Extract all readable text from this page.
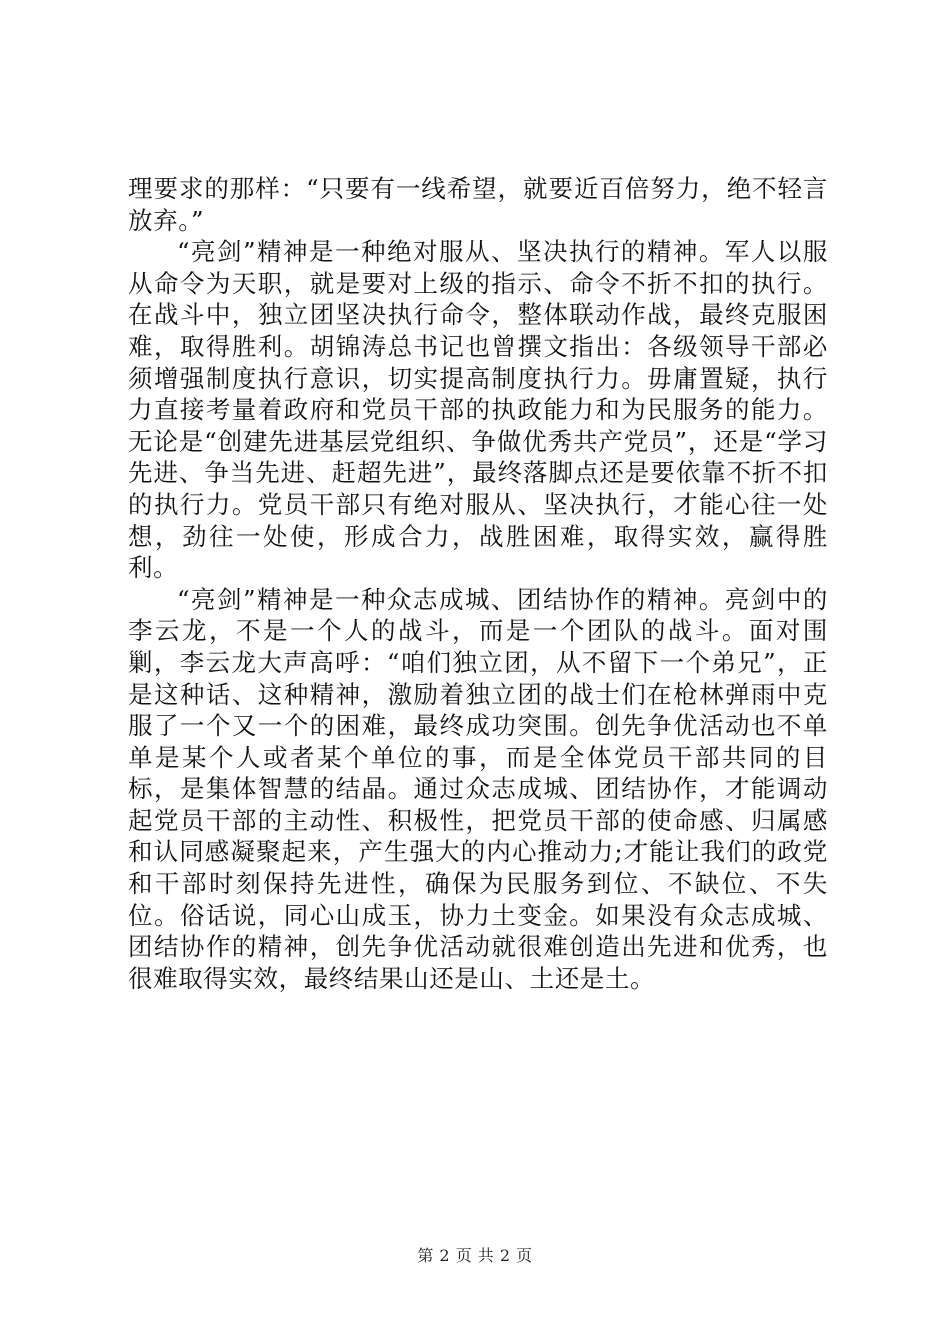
理要求的那样：“只要有一线希望，就要近百倍努力，绝不轻言放弃。”

“亮剑”精神是一种绝对服从、坚决执行的精神。军人以服从命令为天职，就是要对上级的指示、命令不折不扣的执行。在战斗中，独立团坚决执行命令，整体联动作战，最终克服困难，取得胜利。胡锦涛总书记也曾撰文指出：各级领导干部必须增强制度执行意识，切实提高制度执行力。毋庸置疑，执行力直接考量着政府和党员干部的执政能力和为民服务的能力。无论是“创建先进基层党组织、争做优秀共产党员”，还是“学习先进、争当先进、赶超先进”，最终落脚点还是要依靠不折不扣的执行力。党员干部只有绝对服从、坚决执行，才能心往一处想，劲往一处使，形成合力，战胜困难，取得实效，赢得胜利。

“亮剑”精神是一种众志成城、团结协作的精神。亮剑中的李云龙，不是一个人的战斗，而是一个团队的战斗。面对围剿，李云龙大声高呼：“咱们独立团，从不留下一个弟兄”，正是这种话、这种精神，激励着独立团的战士们在枪林弹雨中克服了一个又一个的困难，最终成功突围。创先争优活动也不单单是某个人或者某个单位的事，而是全体党员干部共同的目标，是集体智慧的结晶。通过众志成城、团结协作，才能调动起党员干部的主动性、积极性，把党员干部的使命感、归属感和认同感凝聚起来，产生强大的内心推动力;才能让我们的政党和干部时刻保持先进性，确保为民服务到位、不缺位、不失位。俗话说，同心山成玉，协力土变金。如果没有众志成城、团结协作的精神，创先争优活动就很难创造出先进和优秀，也很难取得实效，最终结果山还是山、土还是土。

第 2 页 共 2 页
